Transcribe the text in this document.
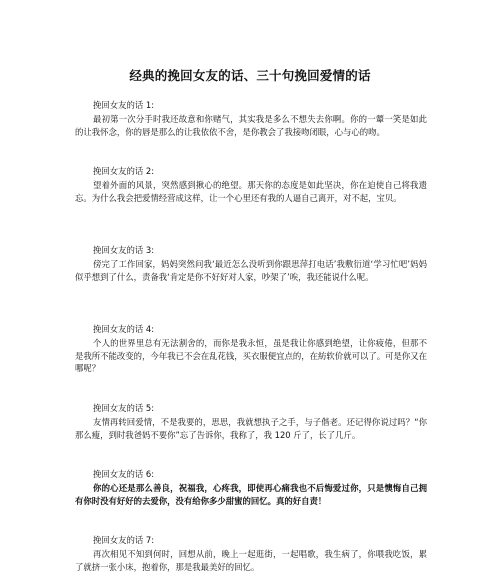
经典的挽回女友的话、三十句挽回爱情的话
挽回女友的话 1:
最初第一次分手时我还故意和你赌气，其实我是多么不想失去你啊。你的一颦一笑是如此的让我怀念，你的唇是那么的让我依依不舍，是你教会了我接吻闭眼，心与心的吻。
挽回女友的话 2:
望着外面的风景，突然感到揪心的绝望。那天你的态度是如此坚决，你在迫使自己将我遗忘。为什么我会把爱情经营成这样，让一个心里还有我的人逼自己离开，对不起，宝贝。
挽回女友的话 3:
傍完了工作回家，妈妈突然问我‘最近怎么没听到你跟思萍打电话’我敷衍道‘学习忙吧’妈妈似乎想到了什么，责备我‘肯定是你不好好对人家，吵架了’唉，我还能说什么呢。
挽回女友的话 4:
个人的世界里总有无法割舍的，而你是我永恒，虽是我让你感到绝望，让你疲倦，但那不是我所不能改变的，今年我已不会在乱花钱，买衣服便宜点的，在紡软价就可以了。可是你又在哪呢？
挽回女友的话 5:
友情再转回爱情，不是我要的，思思，我就想执子之手，与子偕老。还记得你说过吗？“你那么瘦，到时我爸妈不要你”忘了告诉你，我称了，我 120 斤了，长了几斤。
挽回女友的话 6:
你的心还是那么善良，祝福我，心疼我，即使再心痛我也不后悔爱过你，只是懊悔自己拥有你时没有好好的去爱你，没有给你多少甜蜜的回忆。真的好自责！
挽回女友的话 7:
再次相见不知到何时，回想从前，晚上一起逛街，一起唱歌，我生病了，你喂我吃饭，累了就挤一张小床，抱着你，那是我最美好的回忆。
